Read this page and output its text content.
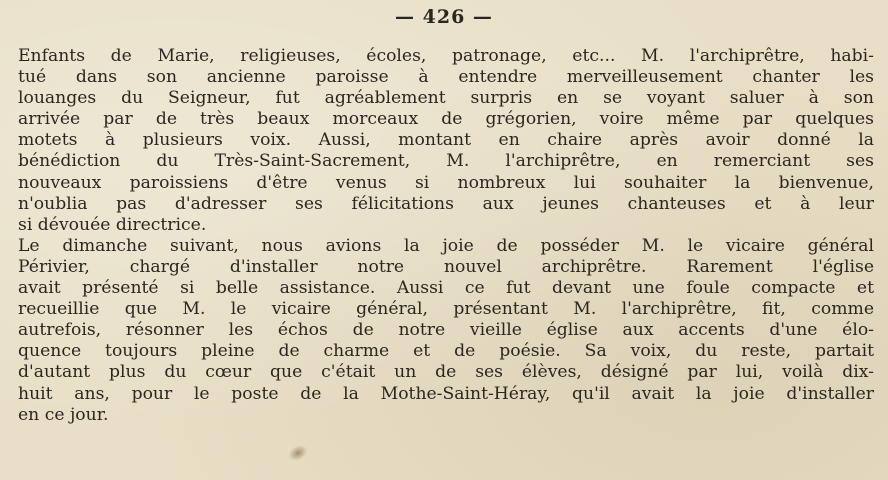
— 426 —
Enfants de Marie, religieuses, écoles, patronage, etc... M. l'archiprêtre, habi-
tué dans son ancienne paroisse à entendre merveilleusement chanter les
louanges du Seigneur, fut agréablement surpris en se voyant saluer à son
arrivée par de très beaux morceaux de grégorien, voire même par quelques
motets à plusieurs voix. Aussi, montant en chaire après avoir donné la
bénédiction du Très-Saint-Sacrement, M. l'archiprêtre, en remerciant ses
nouveaux paroissiens d'être venus si nombreux lui souhaiter la bienvenue,
n'oublia pas d'adresser ses félicitations aux jeunes chanteuses et à leur
si dévouée directrice.
Le dimanche suivant, nous avions la joie de posséder M. le vicaire général
Périvier, chargé d'installer notre nouvel archiprêtre. Rarement l'église
avait présenté si belle assistance. Aussi ce fut devant une foule compacte et
recueillie que M. le vicaire général, présentant M. l'archiprêtre, fit, comme
autrefois, résonner les échos de notre vieille église aux accents d'une élo-
quence toujours pleine de charme et de poésie. Sa voix, du reste, partait
d'autant plus du cœur que c'était un de ses élèves, désigné par lui, voilà dix-
huit ans, pour le poste de la Mothe-Saint-Héray, qu'il avait la joie d'installer
en ce jour.
